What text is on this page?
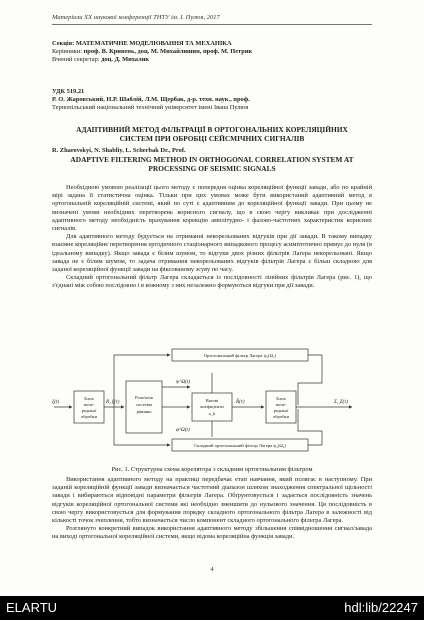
Матеріали ХХ наукової конференції ТНТУ ім. І. Пулюя, 2017

Секція: МАТЕМАТИЧНЕ МОДЕЛЮВАННЯ ТА МЕХАНІКА

Керівники: проф. В. Кривень, доц. М. Михайлишин, проф. М. Петрик

Вчений секретар: доц. Д. Михалик

УДК 519.21

Р. О. Жаровський, Н.Р. Шаблій, Л.М. Щербак, д-р. техн. наук., проф.

Тернопільський національний технічний університет імені Івана Пулюя

АДАПТИВНИЙ МЕТОД ФІЛЬТРАЦІЇ В ОРТОГОНАЛЬНИХ КОРЕЛЯЦІЙНИХ СИСТЕМ ПРИ ОБРОБЦІ СЕЙСМІЧНИХ СИГНАЛІВ

R. Zharovskyi, N. Shabliy, L. Scherbak Dr., Prof.

ADAPTIVE FILTERING METHOD IN ORTHOGONAL CORRELATION SYSTEM AT PROCESSING OF SEISMIC SIGNALS

Необхідною умовою реалізації цього методу є попередня оцінка кореляційної функції завади, або по крайній мірі задана її статистична оцінка. Тільки при цих умовах може бути використаний адаптивний метод в ортогональній кореляційній системі, який по суті є адаптивним до кореляційної функції завади. При цьому не визначені умови необхідних перетворень корисного сигналу, що в свою чергу викликає при дослідженні адаптивного методу необхідність врахування корекцію амплітудно- і фазово-частотних характеристик корисних сигналів.

Для адаптивного методу будується на отриманні некорельованих відгуків при дії завади. В такому випадку взаємне кореляційне перетворення ергодичного стаціонарного випадкового процесу асимптотично прямує до нуля (в ідеальному випадку). Якщо завада є білим шумом, то відгуки двох різних фільтрів Лагера некорельовані. Якщо завада не є білим шумом, то задача отримання некорельованих відгуків фільтрів Лагера є більш складною для заданої кореляційної функції завади на фіксованому зсуву по часу.

Складний ортогональний фільтр Лагера складається із послідовності лінійних фільтрів Лагера (рис. 1), що з'єднані між собою послідовно і в кожному з них незалежно формуються відгуки при дії завади.

Ортогональний фільтр Лагера ψ₁(Ω₁)
Складний ортогональний фільтр Лагера ψ₂(Ω₂)
Блок
попе-
редньої
обробки
Розв'язок
системи
рівнянь
Вагові
коефіцієнти
a_k
Блок
попе-
редньої
обробки
ξ(t)	Σ_Z(τ)
ψ^Ω(t)
φ^Ω(t)
R_ξ(τ)	R̂(τ)
Рис. 1. Структурна схема корелятора з складним ортогональним фільтром

Використання адаптивного методу на практиці передбачає етап навчання, який полягає в наступному. При заданій кореляційній функції завади визначається частотний діапазон шляхом знаходження спектральної щільності завади і вибираються відповідні параметри фільтрів Лагера. Обґрунтовується і задається послідовність значень відгуків кореляційної ортогональної системи які необхідно зменшити до нульового значення. Ця послідовність в свою чергу використовується для формування порядку складного ортогонального фільтра Лагера в залежності від кількості точок зчеплення, тобто визначається число компонент складного ортогонального фільтра Лагера.

Розглянуто конкретний випадок використання адаптивного методу збільшення співвідношення сигнал/завада на виході ортогональної кореляційної системи, якщо відома кореляційна функція завади.

4
ELARTU	hdl:lib/22247
